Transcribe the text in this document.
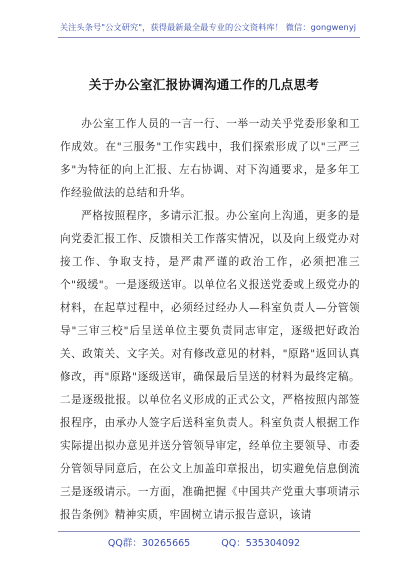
关注头条号"公文研究"，获得最新最全最专业的公文资料库！ 微信：gongwenyj
关于办公室汇报协调沟通工作的几点思考

办公室工作人员的一言一行、一举一动关乎党委形象和工作成效。在"三服务"工作实践中，我们探索形成了以"三严三多"为特征的向上汇报、左右协调、对下沟通要求，是多年工作经验做法的总结和升华。

严格按照程序，多请示汇报。办公室向上沟通，更多的是向党委汇报工作、反馈相关工作落实情况，以及向上级党办对接工作、争取支持，是严肃严谨的政治工作，必须把准三个"级缓"。一是逐级送审。以单位名义报送党委或上级党办的材料，在起草过程中，必须经过经办人—科室负责人—分管领导"三审三校"后呈送单位主要负责同志审定，逐级把好政治关、政策关、文字关。对有修改意见的材料，"原路"返回认真修改，再"原路"逐级送审，确保最后呈送的材料为最终定稿。二是逐级批报。以单位名义形成的正式公文，严格按照内部签报程序，由承办人签字后送科室负责人。科室负责人根据工作实际提出拟办意见并送分管领导审定，经单位主要领导、市委分管领导同意后，在公文上加盖印章报出，切实避免信息倒流三是逐级请示。一方面，准确把握《中国共产党重大事项请示报告条例》精神实质，牢固树立请示报告意识，该请

QQ群：30265665	QQ：535304092
